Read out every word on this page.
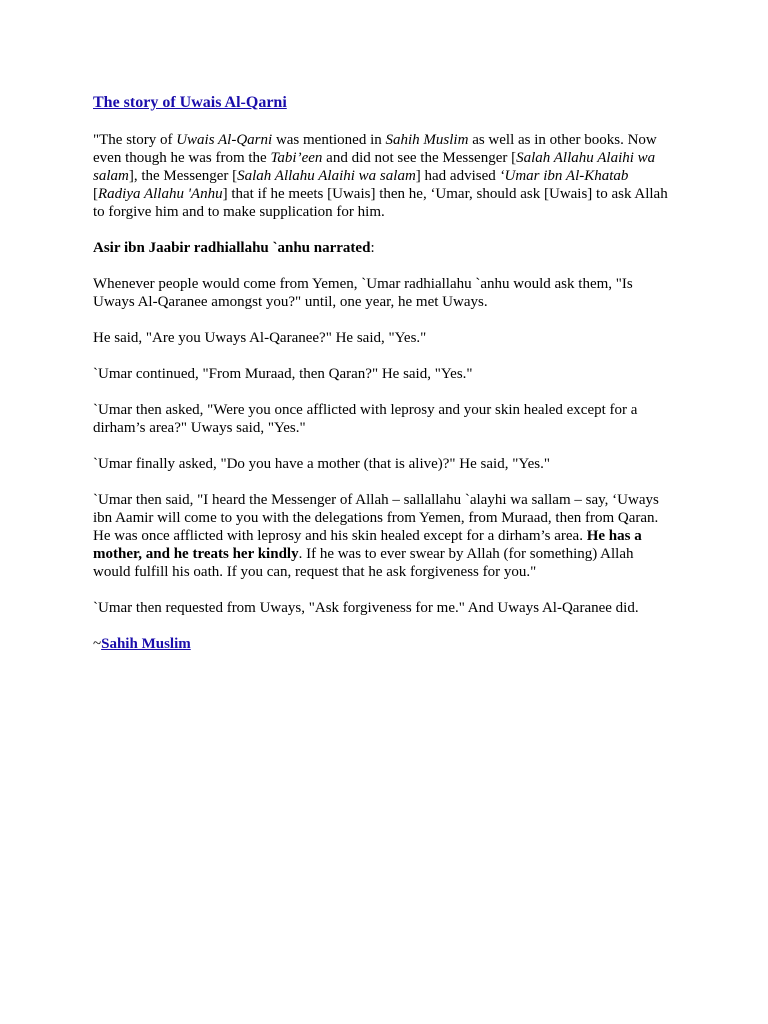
The story of Uwais Al-Qarni

"The story of Uwais Al-Qarni was mentioned in Sahih Muslim as well as in other books. Now even though he was from the Tabi’een and did not see the Messenger [Salah Allahu Alaihi wa salam], the Messenger [Salah Allahu Alaihi wa salam] had advised ‘Umar ibn Al-Khatab [Radiya Allahu 'Anhu] that if he meets [Uwais] then he, ‘Umar, should ask [Uwais] to ask Allah to forgive him and to make supplication for him.

Asir ibn Jaabir radhiallahu `anhu narrated:

Whenever people would come from Yemen, `Umar radhiallahu `anhu would ask them, "Is Uways Al-Qaranee amongst you?" until, one year, he met Uways.

He said, "Are you Uways Al-Qaranee?" He said, "Yes."

`Umar continued, "From Muraad, then Qaran?" He said, "Yes."

`Umar then asked, "Were you once afflicted with leprosy and your skin healed except for a dirham’s area?" Uways said, "Yes."

`Umar finally asked, "Do you have a mother (that is alive)?" He said, "Yes."

`Umar then said, "I heard the Messenger of Allah – sallallahu `alayhi wa sallam – say, ‘Uways ibn Aamir will come to you with the delegations from Yemen, from Muraad, then from Qaran. He was once afflicted with leprosy and his skin healed except for a dirham’s area. He has a mother, and he treats her kindly. If he was to ever swear by Allah (for something) Allah would fulfill his oath. If you can, request that he ask forgiveness for you."

`Umar then requested from Uways, "Ask forgiveness for me." And Uways Al-Qaranee did.

~Sahih Muslim
